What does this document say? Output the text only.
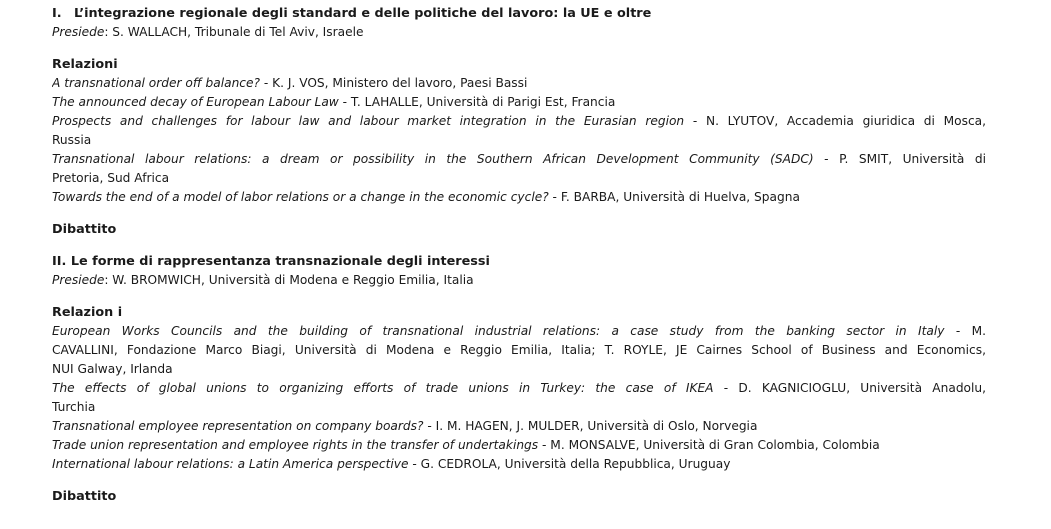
I. L’integrazione regionale degli standard e delle politiche del lavoro: la UE e oltre
Presiede: S. WALLACH, Tribunale di Tel Aviv, Israele
Relazioni
A transnational order off balance? - K. J. VOS, Ministero del lavoro, Paesi Bassi
The announced decay of European Labour Law - T. LAHALLE, Università di Parigi Est, Francia
Prospects and challenges for labour law and labour market integration in the Eurasian region - N. LYUTOV, Accademia giuridica di Mosca,
Russia
Transnational labour relations: a dream or possibility in the Southern African Development Community (SADC) - P. SMIT, Università di
Pretoria, Sud Africa
Towards the end of a model of labor relations or a change in the economic cycle? - F. BARBA, Università di Huelva, Spagna
Dibattito
II. Le forme di rappresentanza transnazionale degli interessi
Presiede: W. BROMWICH, Università di Modena e Reggio Emilia, Italia
Relazion i
European Works Councils and the building of transnational industrial relations: a case study from the banking sector in Italy - M.
CAVALLINI, Fondazione Marco Biagi, Università di Modena e Reggio Emilia, Italia; T. ROYLE, JE Cairnes School of Business and Economics,
NUI Galway, Irlanda
The effects of global unions to organizing efforts of trade unions in Turkey: the case of IKEA - D. KAGNICIOGLU, Università Anadolu,
Turchia
Transnational employee representation on company boards? - I. M. HAGEN, J. MULDER, Università di Oslo, Norvegia
Trade union representation and employee rights in the transfer of undertakings - M. MONSALVE, Università di Gran Colombia, Colombia
International labour relations: a Latin America perspective - G. CEDROLA, Università della Repubblica, Uruguay
Dibattito
